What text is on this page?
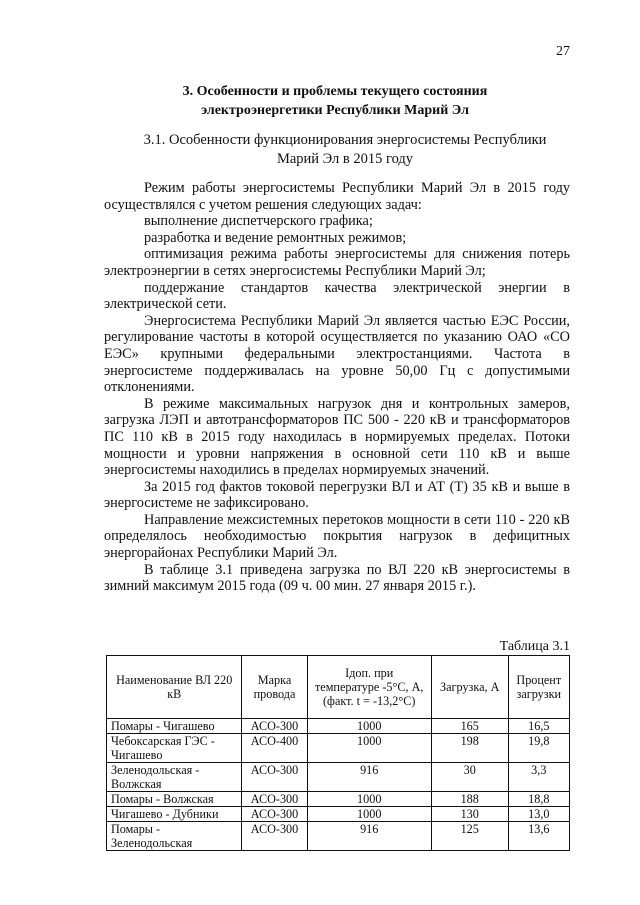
27
3. Особенности и проблемы текущего состояния
электроэнергетики Республики Марий Эл
3.1. Особенности функционирования энергосистемы Республики
Марий Эл в 2015 году

Режим работы энергосистемы Республики Марий Эл в 2015 году осуществлялся с учетом решения следующих задач:

выполнение диспетчерского графика;

разработка и ведение ремонтных режимов;

оптимизация режима работы энергосистемы для снижения потерь электроэнергии в сетях энергосистемы Республики Марий Эл;

поддержание стандартов качества электрической энергии в электрической сети.

Энергосистема Республики Марий Эл является частью ЕЭС России, регулирование частоты в которой осуществляется по указанию ОАО «СО ЕЭС» крупными федеральными электростанциями. Частота в энергосистеме поддерживалась на уровне 50,00 Гц с допустимыми отклонениями.

В режиме максимальных нагрузок дня и контрольных замеров, загрузка ЛЭП и автотрансформаторов ПС 500 - 220 кВ и трансформаторов ПС 110 кВ в 2015 году находилась в нормируемых пределах. Потоки мощности и уровни напряжения в основной сети 110 кВ и выше энергосистемы находились в пределах нормируемых значений.

За 2015 год фактов токовой перегрузки ВЛ и АТ (Т) 35 кВ и выше в энергосистеме не зафиксировано.

Направление межсистемных перетоков мощности в сети 110 - 220 кВ определялось необходимостью покрытия нагрузок в дефицитных энергорайонах Республики Марий Эл.

В таблице 3.1 приведена загрузка по ВЛ 220 кВ энергосистемы в зимний максимум 2015 года (09 ч. 00 мин. 27 января 2015 г.).

Таблица 3.1
Наименование ВЛ 220 кВ	Марка провода	Iдоп. при температуре -5°C, А, (факт. t = -13,2°C)	Загрузка, А	Процент загрузки
Помары - Чигашево	АСО-300	1000	165	16,5
Чебоксарская ГЭС - Чигашево	АСО-400	1000	198	19,8
Зеленодольская - Волжская	АСО-300	916	30	3,3
Помары - Волжская	АСО-300	1000	188	18,8
Чигашево - Дубники	АСО-300	1000	130	13,0
Помары - Зеленодольская	АСО-300	916	125	13,6
